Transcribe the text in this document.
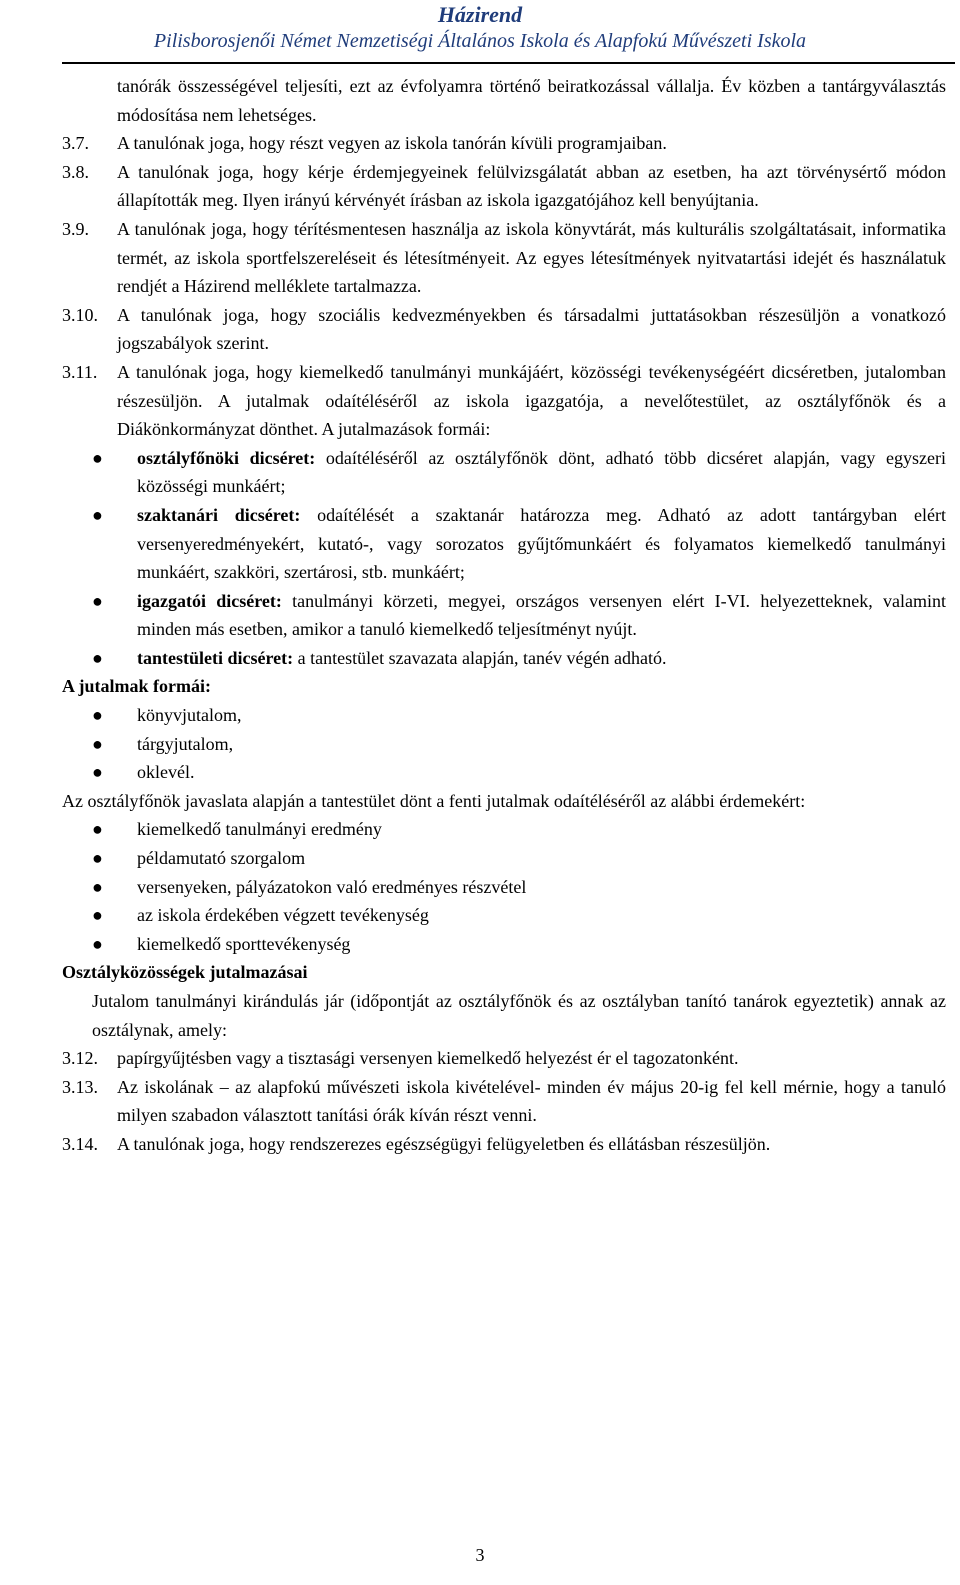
Házirend
Pilisborosjenői Német Nemzetiségi Általános Iskola és Alapfokú Művészeti Iskola

tanórák összességével teljesíti, ezt az évfolyamra történő beiratkozással vállalja. Év közben a tantárgyválasztás módosítása nem lehetséges.

3.7. A tanulónak joga, hogy részt vegyen az iskola tanórán kívüli programjaiban.

3.8. A tanulónak joga, hogy kérje érdemjegyeinek felülvizsgálatát abban az esetben, ha azt törvénysértő módon állapították meg. Ilyen irányú kérvényét írásban az iskola igazgatójához kell benyújtania.

3.9. A tanulónak joga, hogy térítésmentesen használja az iskola könyvtárát, más kulturális szolgáltatásait, informatika termét, az iskola sportfelszereléseit és létesítményeit. Az egyes létesítmények nyitvatartási idejét és használatuk rendjét a Házirend melléklete tartalmazza.

3.10. A tanulónak joga, hogy szociális kedvezményekben és társadalmi juttatásokban részesüljön a vonatkozó jogszabályok szerint.

3.11. A tanulónak joga, hogy kiemelkedő tanulmányi munkájáért, közösségi tevékenységéért dicséretben, jutalomban részesüljön. A jutalmak odaítéléséről az iskola igazgatója, a nevelőtestület, az osztályfőnök és a Diákönkormányzat dönthet. A jutalmazások formái:

● osztályfőnöki dicséret: odaítéléséről az osztályfőnök dönt, adható több dicséret alapján, vagy egyszeri közösségi munkáért;
● szaktanári dicséret: odaítélését a szaktanár határozza meg. Adható az adott tantárgyban elért versenyeredményekért, kutató-, vagy sorozatos gyűjtőmunkáért és folyamatos kiemelkedő tanulmányi munkáért, szakköri, szertárosi, stb. munkáért;
● igazgatói dicséret: tanulmányi körzeti, megyei, országos versenyen elért I-VI. helyezetteknek, valamint minden más esetben, amikor a tanuló kiemelkedő teljesítményt nyújt.
● tantestületi dicséret: a tantestület szavazata alapján, tanév végén adható.

A jutalmak formái:

● könyvjutalom,
● tárgyjutalom,
● oklevél.

Az osztályfőnök javaslata alapján a tantestület dönt a fenti jutalmak odaítéléséről az alábbi érdemekért:

● kiemelkedő tanulmányi eredmény
● példamutató szorgalom
● versenyeken, pályázatokon való eredményes részvétel
● az iskola érdekében végzett tevékenység
● kiemelkedő sporttevékenység

Osztályközösségek jutalmazásai

Jutalom tanulmányi kirándulás jár (időpontját az osztályfőnök és az osztályban tanító tanárok egyeztetik) annak az osztálynak, amely:

3.12. papírgyűjtésben vagy a tisztasági versenyen kiemelkedő helyezést ér el tagozatonként.

3.13. Az iskolának – az alapfokú művészeti iskola kivételével- minden év május 20-ig fel kell mérnie, hogy a tanuló milyen szabadon választott tanítási órák kíván részt venni.

3.14. A tanulónak joga, hogy rendszerezes egészségügyi felügyeletben és ellátásban részesüljön.

3
